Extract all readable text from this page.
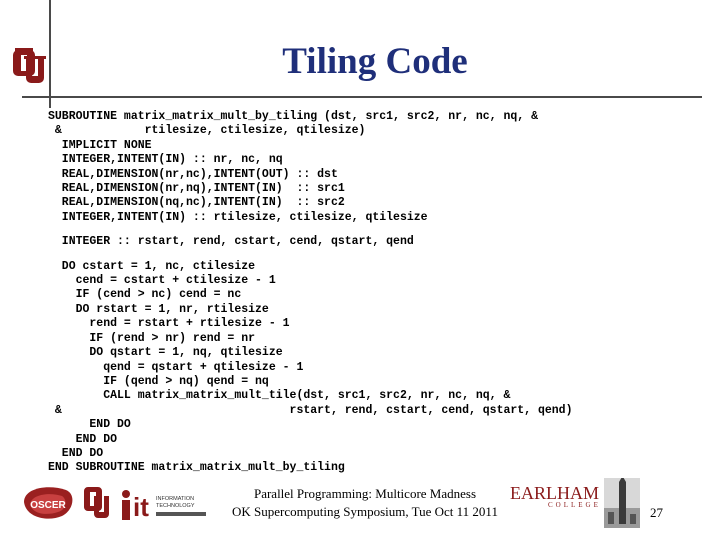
Tiling Code
SUBROUTINE matrix_matrix_mult_by_tiling (dst, src1, src2, nr, nc, nq, &
&            rtilesize, ctilesize, qtilesize)
IMPLICIT NONE
INTEGER,INTENT(IN) :: nr, nc, nq
REAL,DIMENSION(nr,nc),INTENT(OUT) :: dst
REAL,DIMENSION(nr,nq),INTENT(IN)  :: src1
REAL,DIMENSION(nq,nc),INTENT(IN)  :: src2
INTEGER,INTENT(IN) :: rtilesize, ctilesize, qtilesize
INTEGER :: rstart, rend, cstart, cend, qstart, qend
DO cstart = 1, nc, ctilesize
cend = cstart + ctilesize - 1
IF (cend > nc) cend = nc
DO rstart = 1, nr, rtilesize
rend = rstart + rtilesize - 1
IF (rend > nr) rend = nr
DO qstart = 1, nq, qtilesize
qend = qstart + qtilesize - 1
IF (qend > nq) qend = nq
CALL matrix_matrix_mult_tile(dst, src1, src2, nr, nc, nq, &
&                                 rstart, rend, cstart, cend, qstart, qend)
END DO
END DO
END DO
END SUBROUTINE matrix_matrix_mult_by_tiling
OSCER	it INFORMATION
TECHNOLOGY
Parallel Programming: Multicore Madness
OK Supercomputing Symposium, Tue Oct 11 2011
EARLHAM
COLLEGE	27
